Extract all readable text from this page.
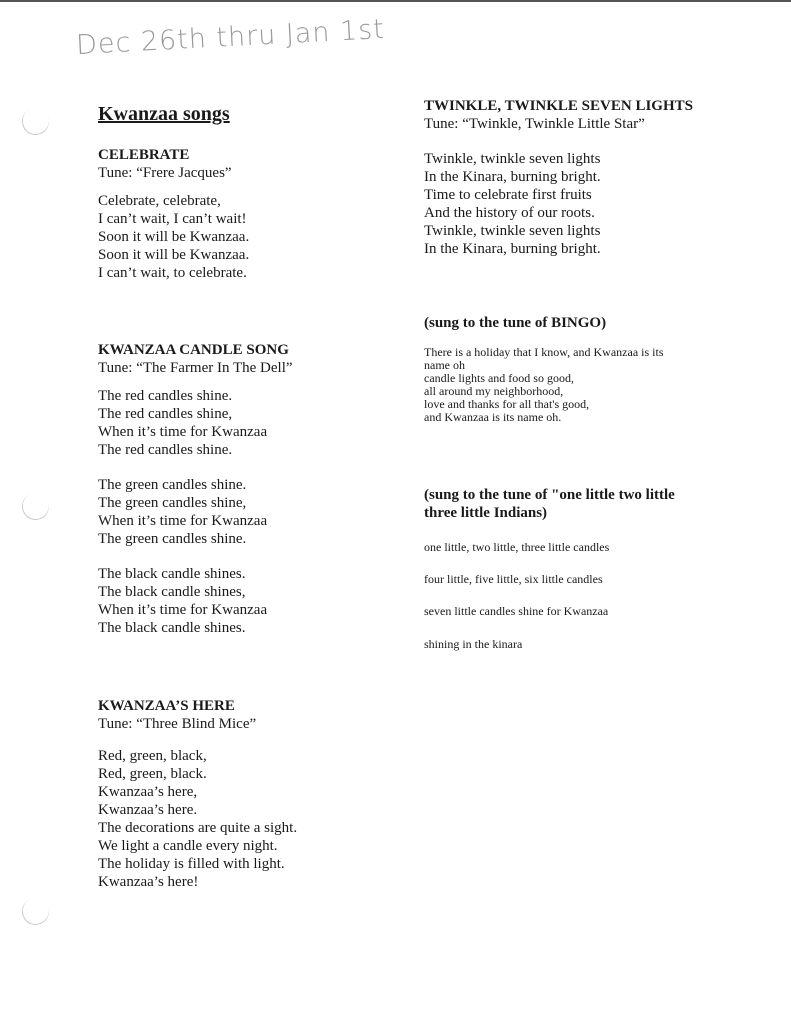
Dec 26th thru Jan 1st
Kwanzaa songs

CELEBRATE

Tune: “Frere Jacques”

Celebrate, celebrate,
I can’t wait, I can’t wait!
Soon it will be Kwanzaa.
Soon it will be Kwanzaa.
I can’t wait, to celebrate.

KWANZAA CANDLE SONG

Tune: “The Farmer In The Dell”

The red candles shine.
The red candles shine,
When it’s time for Kwanzaa
The red candles shine.
The green candles shine.
The green candles shine,
When it’s time for Kwanzaa
The green candles shine.
The black candle shines.
The black candle shines,
When it’s time for Kwanzaa
The black candle shines.

KWANZAA’S HERE

Tune: “Three Blind Mice”

Red, green, black,
Red, green, black.
Kwanzaa’s here,
Kwanzaa’s here.
The decorations are quite a sight.
We light a candle every night.
The holiday is filled with light.
Kwanzaa’s here!

TWINKLE, TWINKLE SEVEN LIGHTS

Tune: “Twinkle, Twinkle Little Star”

Twinkle, twinkle seven lights
In the Kinara, burning bright.
Time to celebrate first fruits
And the history of our roots.
Twinkle, twinkle seven lights
In the Kinara, burning bright.

(sung to the tune of BINGO)

There is a holiday that I know, and Kwanzaa is its
name oh
candle lights and food so good,
all around my neighborhood,
love and thanks for all that's good,
and Kwanzaa is its name oh.

(sung to the tune of "one little two little

three little Indians)

one little, two little, three little candles
four little, five little, six little candles
seven little candles shine for Kwanzaa
shining in the kinara
